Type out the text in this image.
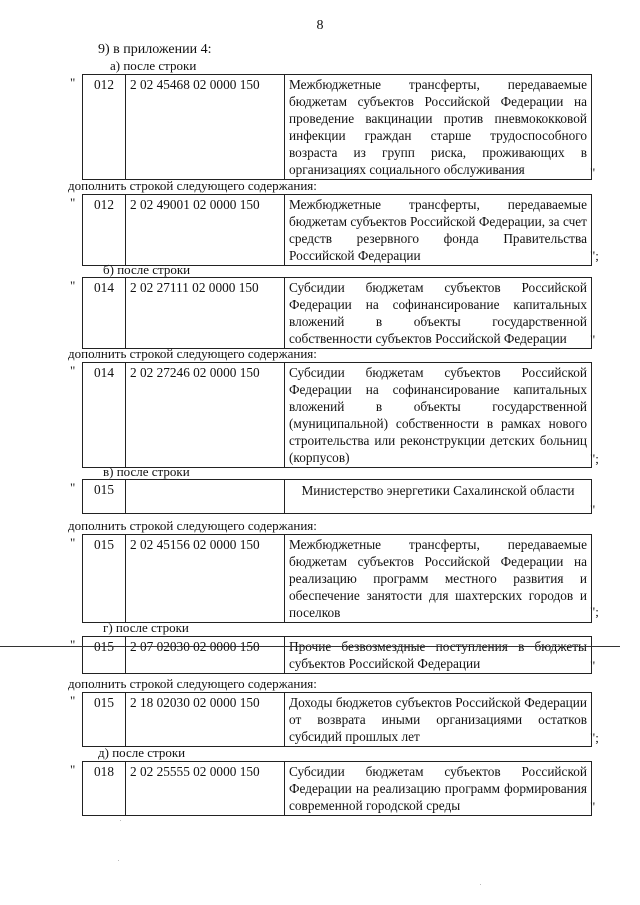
8
9) в приложении 4:
а) после строки
" 012	2 02 45468 02 0000 150	Межбюджетные трансферты, передаваемые бюджетам субъектов Российской Федерации на проведение вакцинации против пневмококковой инфекции граждан старше трудоспособного возраста из групп риска, проживающих в организациях социального обслуживания	"
дополнить строкой следующего содержания:
" 012	2 02 49001 02 0000 150	Межбюджетные трансферты, передаваемые бюджетам субъектов Российской Федерации, за счет средств резервного фонда Правительства Российской Федерации	";
б) после строки
" 014	2 02 27111 02 0000 150	Субсидии бюджетам субъектов Российской Федерации на софинансирование капитальных вложений в объекты государственной собственности субъектов Российской Федерации "
дополнить строкой следующего содержания:
" 014	2 02 27246 02 0000 150	Субсидии бюджетам субъектов Российской Федерации на софинансирование капитальных вложений в объекты государственной (муниципальной) собственности в рамках нового строительства или реконструкции детских больниц (корпусов)	";
в) после строки
" 015		Министерство энергетики Сахалинской области
"
дополнить строкой следующего содержания:
" 015	2 02 45156 02 0000 150	Межбюджетные трансферты, передаваемые бюджетам субъектов Российской Федерации на реализацию программ местного развития и обеспечение занятости для шахтерских городов и поселков	";
г) после строки
" 015	2 07 02030 02 0000 150	Прочие безвозмездные поступления в бюджеты субъектов Российской Федерации	"
дополнить строкой следующего содержания:
" 015	2 18 02030 02 0000 150	Доходы бюджетов субъектов Российской Федерации от возврата иными организациями остатков субсидий прошлых лет	";
д) после строки
" 018	2 02 25555 02 0000 150	Субсидии бюджетам субъектов Российской Федерации на реализацию программ формирования современной городской среды	"
